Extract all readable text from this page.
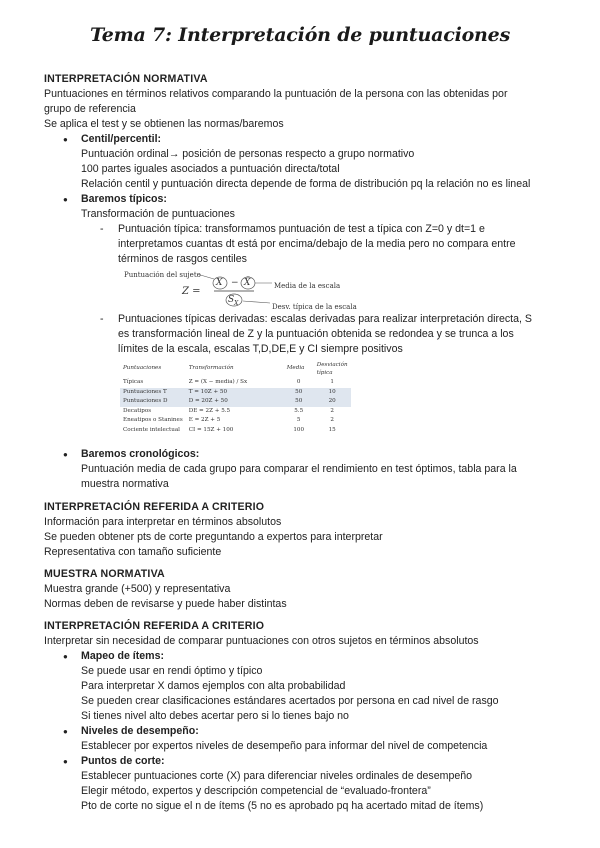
Tema 7: Interpretación de puntuaciones
INTERPRETACIÓN NORMATIVA
Puntuaciones en términos relativos comparando la puntuación de la persona con las obtenidas por
grupo de referencia
Se aplica el test y se obtienen las normas/baremos
● Centil/percentil:
Puntuación ordinal→ posición de personas respecto a grupo normativo
100 partes iguales asociados a puntuación directa/total
Relación centil y puntuación directa depende de forma de distribución pq la relación no es lineal
● Baremos típicos:
Transformación de puntuaciones
- Puntuación típica: transformamos puntuación de test a típica con Z=0 y dt=1 e
interpretamos cuantas dt está por encima/debajo de la media pero no compara entre
términos de rasgos centiles
Puntuación del sujeto
Z =
X − X̄
$S_X$
Media de la escala
Desv. típica de la escala
- Puntuaciones típicas derivadas: escalas derivadas para realizar interpretación directa, S
es transformación lineal de Z y la puntuación obtenida se redondea y se trunca a los
límites de la escala, escalas T,D,DE,E y CI siempre positivos
Puntuaciones	Transformación	Media	Desviación típica
Típicas	Z = (X − media) / Sx	0	1
Puntuaciones T	T = 10Z + 50	50	10
Puntuaciones D	D = 20Z + 50	50	20
Decatipos	DE = 2Z + 5.5	5.5	2
Eneatipos o Stanines	E = 2Z + 5	5	2
Cociente intelectual	CI = 15Z + 100	100	15
● Baremos cronológicos:
Puntuación media de cada grupo para comparar el rendimiento en test óptimos, tabla para la
muestra normativa
INTERPRETACIÓN REFERIDA A CRITERIO
Información para interpretar en términos absolutos
Se pueden obtener pts de corte preguntando a expertos para interpretar
Representativa con tamaño suficiente
MUESTRA NORMATIVA
Muestra grande (+500) y representativa
Normas deben de revisarse y puede haber distintas
INTERPRETACIÓN REFERIDA A CRITERIO
Interpretar sin necesidad de comparar puntuaciones con otros sujetos en términos absolutos
● Mapeo de ítems:
Se puede usar en rendi óptimo y típico
Para interpretar X damos ejemplos con alta probabilidad
Se pueden crear clasificaciones estándares acertados por persona en cad nivel de rasgo
Si tienes nivel alto debes acertar pero si lo tienes bajo no
● Niveles de desempeño:
Establecer por expertos niveles de desempeño para informar del nivel de competencia
● Puntos de corte:
Establecer puntuaciones corte (X) para diferenciar niveles ordinales de desempeño
Elegir método, expertos y descripción competencial de “evaluado-frontera”
Pto de corte no sigue el n de ítems (5 no es aprobado pq ha acertado mitad de ítems)
